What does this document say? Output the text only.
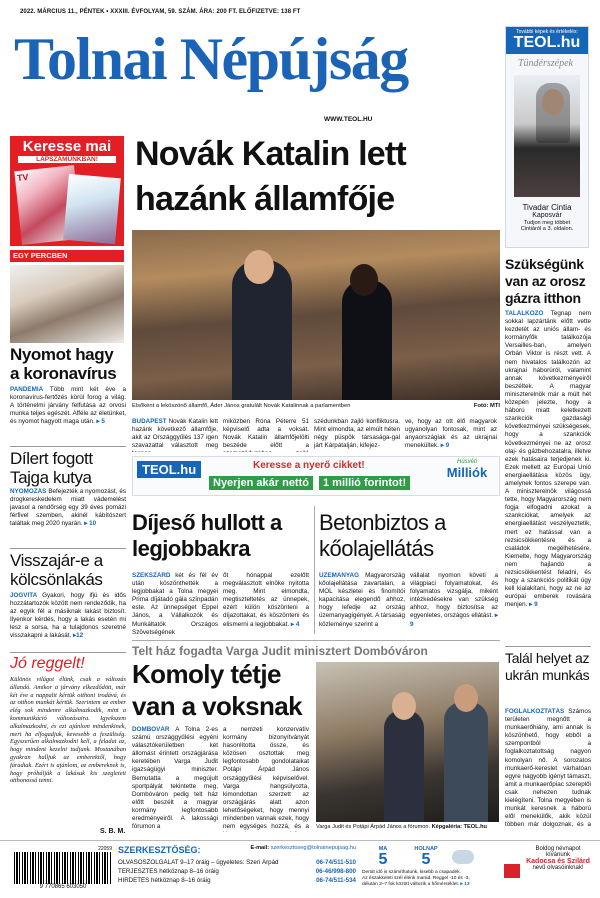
2022. MÁRCIUS 11., PÉNTEK • XXXIII. ÉVFOLYAM, 59. SZÁM. ÁRA: 200 FT. ELŐFIZETVE: 138 FT
Tolnai Népújság
WWW.TEOL.HU
További képek és értékelés:
TEOL.hu
Tündérszépek
Tivadar Cintia
Kaposvár
Tudjon meg többet
Cintiáról a 3. oldalon.
Keresse mai
LAPSZÁMUNKBAN!
TV
EGY PERCBEN
Novák Katalin lett hazánk államfője
Elsőként a leköszönő államfő, Áder János gratulált Novák Katalinnak a parlamentben	Fotó: MTI
BUDAPEST Novák Katalin lett hazánk következő államfője, akit az Országgyűlés 137 igen szavazattal választott meg
miközben Róna Péterre 51 képviselő adta a voksát. Novák Katalin államfőjelölti beszéde előtt a
szédunkban zajló konfliktusra. Mint elmondta, az elmúlt héten négy püspök társasága-gal járt Kárpátalján, kifejez-
ve, hogy az ott élő magyarok ugyanolyan fontosak, mint az anyaországiak és az ukrajnai menekültek. ▸ 9
TEOL.hu	Keresse a nyerő cikket!
Nyerjen akár nettó	1 millió forintot!
Húsvéti
Milliók
Díjeső hullott a legjobbakra
SZEKSZÁRD két és fél év után köszönthették a legjobbakat a Tolna megyei Prima díjátadó gála színpadán este. Az ünnepséget Eppel János, a Vállalkozók és Munkáltatók Országos Szövetségének
őt hónappal ezelőtt megválasztott elnöke nyitotta meg. Mint elmondta, megtiszteltetés az ünnepek, ezért külön köszönteni a díjazottakat, és köszönteni és elismerni a legjobbakat. ▸ 4
Betonbiztos a kőolajellátás
ÜZEMANYAG Magyarország kőolajellátása zavartalan, a MOL készletei és finomítói kapacitása elegendő ahhoz, hogy lefedje az ország üzemanyagigényét. A társaság közleménye szerint a
vállalat nyomon követi a világpiaci folyamatokat, és folyamatos vizsgálja, miként intézkedésekre van szükség ahhoz, hogy biztosítsa az egyenletes, országos ellátást. ▸ 9
Telt ház fogadta Varga Judit minisztert Dombóváron
Komoly tétje van a voksnak
DOMBÓVÁR A Tolna 2-es számú országgyűlési egyéni választókerületben két állomást érintett országjárása keretében Varga Judit igazságügyi miniszter. Bemutatta a megújult sportpályát tekintette meg, Dombóváron pedig telt ház előtt beszélt a magyar kormány legfontosabb eredményeiről. A lakossági fórumon a
a nemzeti konzervatív kormány bizonyítványát hasonlította össze, és közösen osztottak meg legfontosabb gondolataikat Potápi Árpád János országgyűlési képviselővel. Varga hangsúlyozta, kimondottan szerzett az országjárás alatt azon lehetőségeket, hogy mennyi mindenben vannak ezek, hogy nem egységes hozzá, és a Varga Judit és Potápi Árpád János a fórumon. Képgaléria: TEOL.hu
Nyomot hagy a koronavírus
PANDÉMIA Több mint két éve a koronavírus-fertőzés körül forog a világ. A történelmi járvány felfutása az orvosi munka teljes egészét. Afféle az életünket, és nyomot hagyott maga után. ▸ 5
Dílert fogott Tajga kutya
NYOMOZÁS Befejezték a nyomozást, és drogkereskedelem miatt vádemelést javasol a rendőrség egy 39 éves pomázi férfivel szemben, akinél kábítószert találtak meg 2020 nyarán. ▸ 10
Visszajár-e a kölcsönlakás
JOGVITA Gyakori, hogy ifjú és idős hozzátartozók között nem rendeződik, ha az egyik fél a másiknak lakást biztosít. Ilyenkor kérdés, hogy a lakás esetén mi lesz a sorsa, ha a tulajdonos szeretné visszakapni a lakását. ▸12
Jó reggelt!
Különös világot élünk, csak a változás állandó. Amikor a járvány elkezdődött, már két éve a nappalit kértük otthoni irodává, és az otthon munkát kértük. Szerintem az ember elég sok mindenre alkalmazkodik, mint a kommunikáció változásaira. Igyekszem alkalmazkodni, és ezt ajánlom mindenkinek, mert ha elfogadjuk, kevesebb a feszültség. Egyszerűen alkalmazkodni kell, a feladat az, hogy mindent kezelni tudjunk. Mostanában gyakran halljuk az emberektől, hogy fáradtak. Ezért is ajánlom, az embereknek is, hogy próbálják a lakásuk kis szegleteit otthonossá tenni.
S. B. M.
Szükségünk van az orosz gázra itthon
TALÁLKOZÓ Tegnap nem sokkal lapzártánk előtt vette kezdetét az uniós állam- és kormányfők találkozója Versailles-ban, amelyen Orbán Viktor is részt vett. A nem hivatalos találkozón az ukrajnai háborúról, valamint annak következményeiről beszéltek. A magyar miniszterelnök már a múlt hét közepén jelezte, hogy a háború miatt keletkezett szankciók gazdasági következményei szükségesek, hogy a szankciók következményei ne az orosz olaj- és gázbehozatalra, illetve ezek hatásaira terjedjenek ki. Ezek mellett az Európai Unió energiaellátása közös ügy, amelynek fontos szerepe van. A miniszterelnök világossá tette, hogy Magyarország nem fogja elfogadni azokat a szankciókat, amelyek az energiaellátást veszélyeztetik, mert ez hatással van a rezsicsökkentésre és a családok megélhetésére. Kiemelte, hogy Magyarország nem hajlandó a rezsicsökkentést feladni, és hogy a szankciós politikát úgy kell kialakítani, hogy az ne az európai emberek rovására menjen. ▸ 9
Talál helyet az ukrán munkás
FOGLALKOZTATÁS Számos területen megnőtt a munkaerőhiány, ami annak is köszönhető, hogy ebből a szempontból a foglalkoztatottság nagyon komolyan nő. A sorozatos munkaerő-kereslet várhatóan egyre nagyobb igényt támaszt, amit a munkaerőpiac szereplői csak nehezen tudnak kielégíteni. Tolna megyében is munkát keresnek a háború elől menekülők, akik közül többen már dolgoznak, és a
22059
9 770865 603050
SZERKESZTŐSÉG:	E-mail: szerkesztoseg@tolnainepujsag.hu
OLVASÓSZOLGÁLAT 9–17 óráig – ügyeletes: Szeri Árpád	06-74/511-510
TERJESZTÉS hétköznap 8–16 óráig	06-46/998-800
HIRDETÉS hétköznap 8–16 óráig	06-74/511-534
MA
5
HOLNAP
5
Derült idő is számíthatunk, kisebb a csapadék.
Az északkeleti szél élénk marad. Reggel -10 és -3,
délután 2–7 fok között változik a hőmérséklet. ▸ 13
Boldog névnapot
kívánunk
Kadocsa és Szilárd
nevű olvasóinknak!
